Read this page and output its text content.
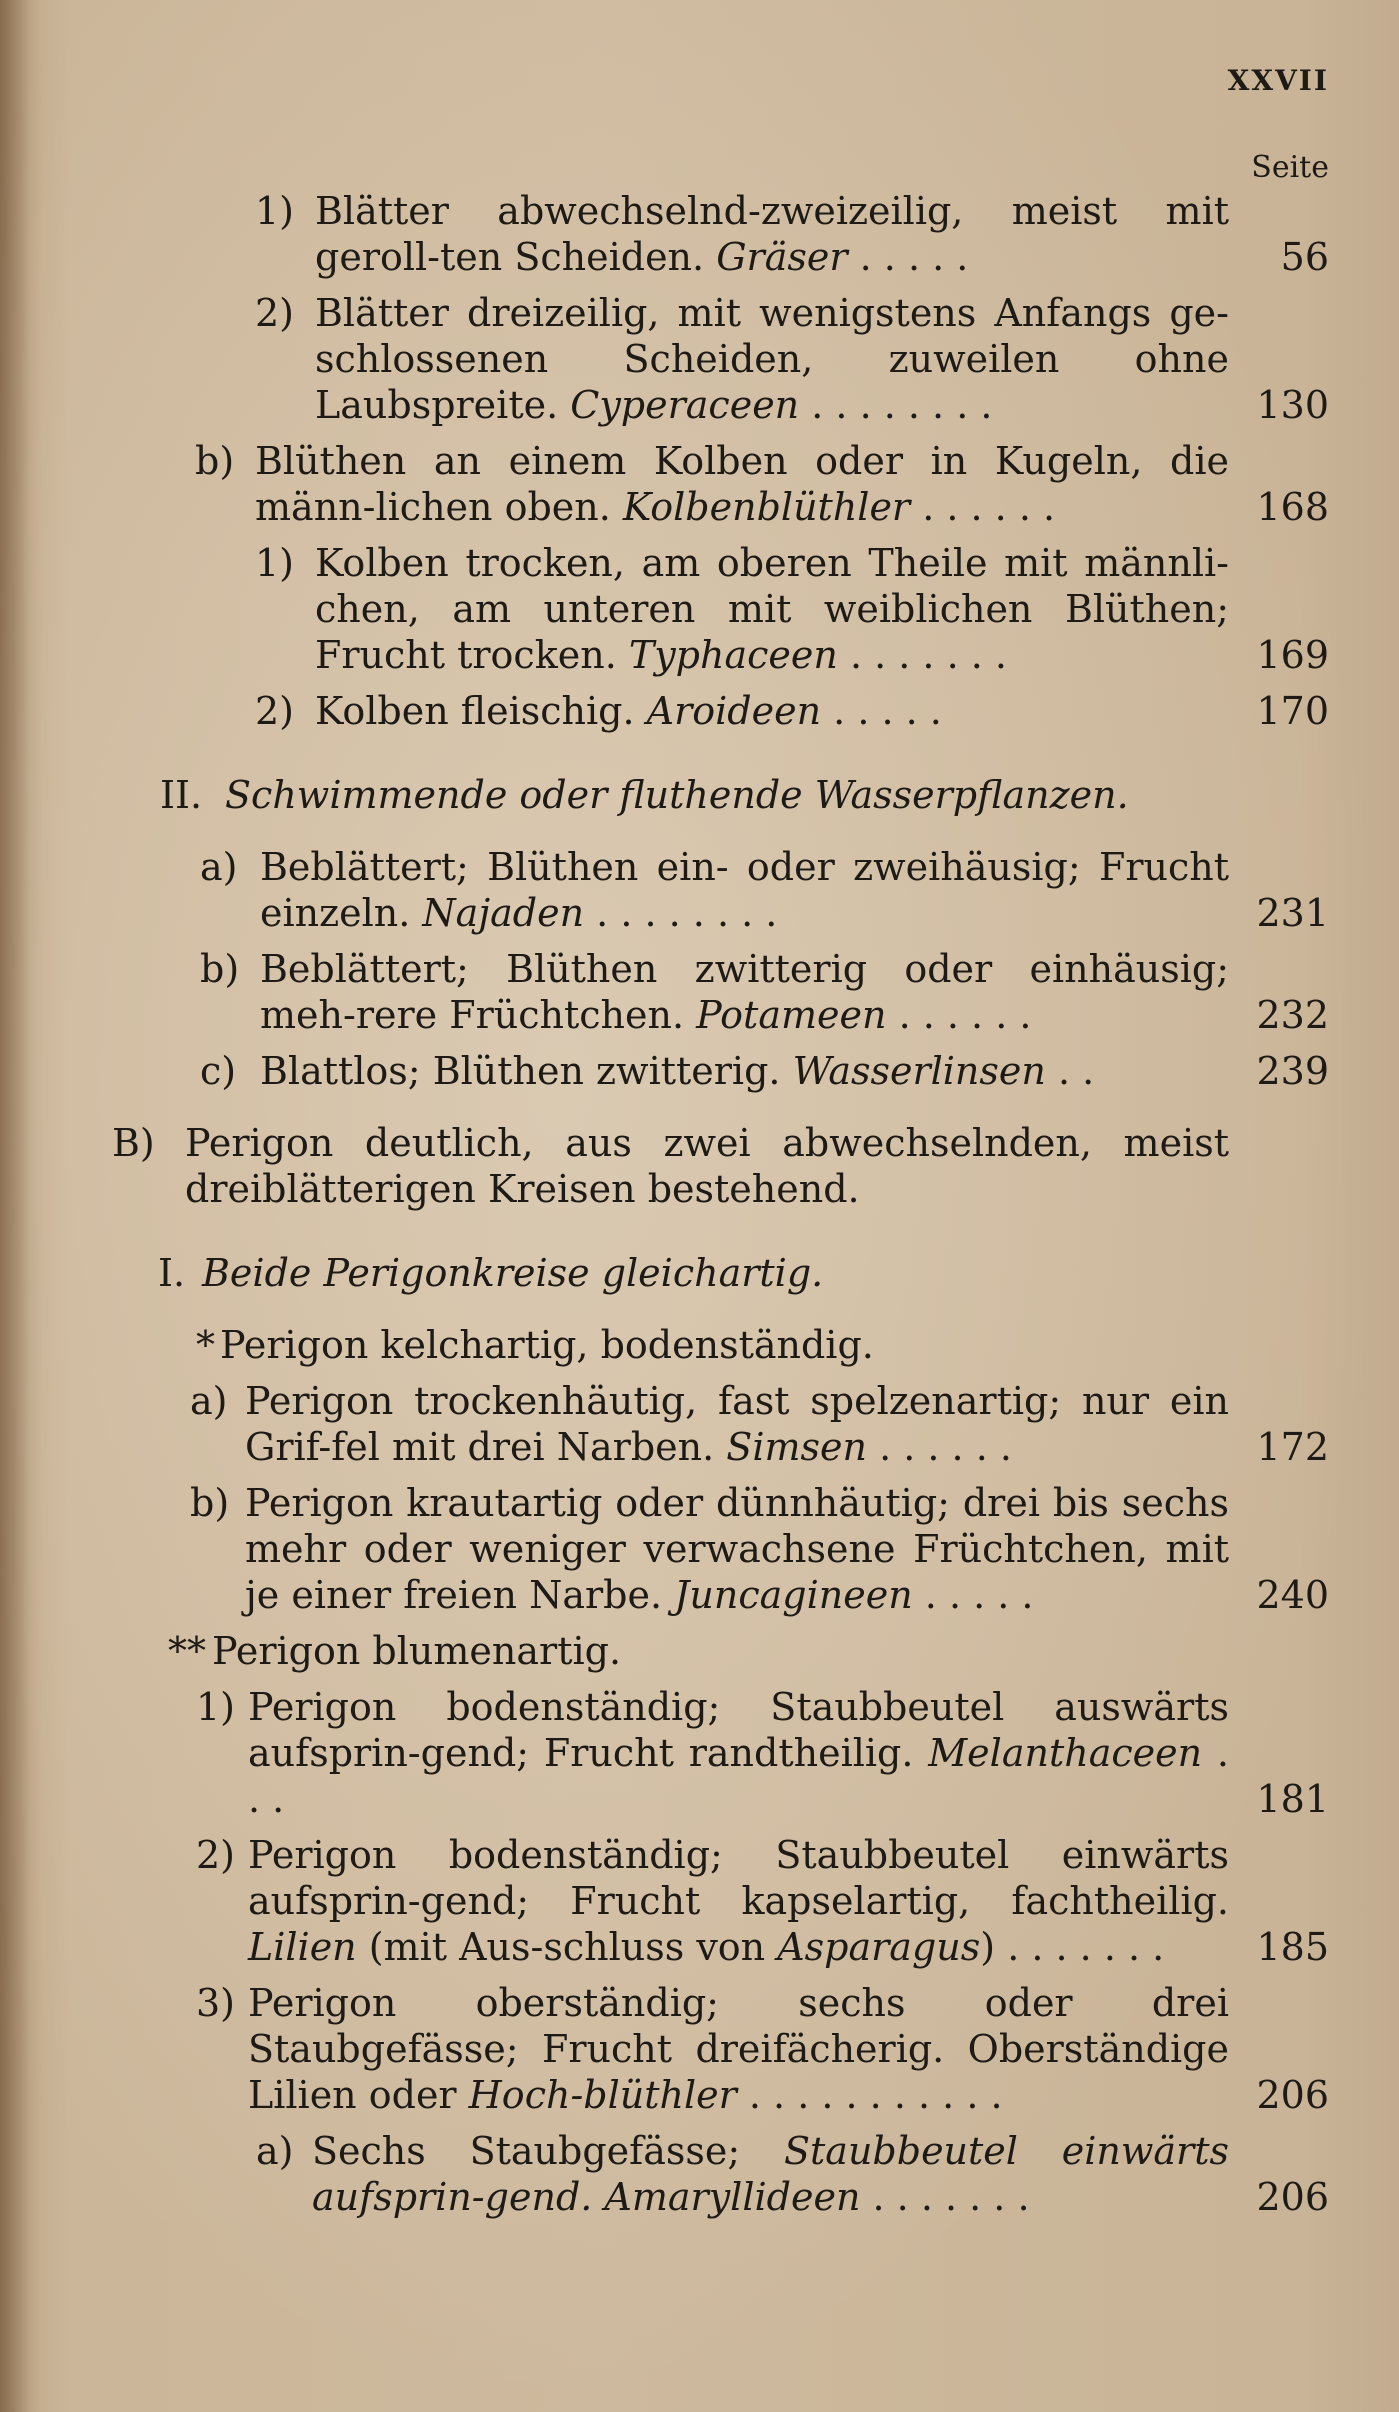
XXVII
Seite
1) Blätter abwechselnd-zweizeilig, meist mit geroll-ten Scheiden. Gräser . . . . .	56
2) Blätter dreizeilig, mit wenigstens Anfangs ge-schlossenen Scheiden, zuweilen ohne Laubspreite. Cyperaceen . . . . . . . .	130
b) Blüthen an einem Kolben oder in Kugeln, die männ-lichen oben. Kolbenblüthler . . . . . .	168
1) Kolben trocken, am oberen Theile mit männli-chen, am unteren mit weiblichen Blüthen; Frucht trocken. Typhaceen . . . . . . .	169
2) Kolben fleischig. Aroideen . . . . .	170
II. Schwimmende oder fluthende Wasserpflanzen.
a) Beblättert; Blüthen ein- oder zweihäusig; Frucht einzeln. Najaden . . . . . . . .	231
b) Beblättert; Blüthen zwitterig oder einhäusig; meh-rere Früchtchen. Potameen . . . . . .	232
c) Blattlos; Blüthen zwitterig. Wasserlinsen . .	239
B) Perigon deutlich, aus zwei abwechselnden, meist dreiblätterigen Kreisen bestehend.
I. Beide Perigonkreise gleichartig.
* Perigon kelchartig, bodenständig.
a) Perigon trockenhäutig, fast spelzenartig; nur ein Grif-fel mit drei Narben. Simsen . . . . . .	172
b) Perigon krautartig oder dünnhäutig; drei bis sechs mehr oder weniger verwachsene Früchtchen, mit je einer freien Narbe. Juncagineen . . . . .	240
** Perigon blumenartig.
1) Perigon bodenständig; Staubbeutel auswärts aufsprin-gend; Frucht randtheilig. Melanthaceen . . .	181
2) Perigon bodenständig; Staubbeutel einwärts aufsprin-gend; Frucht kapselartig, fachtheilig. Lilien (mit Aus-schluss von Asparagus) . . . . . . .	185
3) Perigon oberständig; sechs oder drei Staubgefässe; Frucht dreifächerig. Oberständige Lilien oder Hoch-blüthler . . . . . . . . . . .	206
a) Sechs Staubgefässe; Staubbeutel einwärts aufsprin-gend. Amaryllideen . . . . . . .	206
